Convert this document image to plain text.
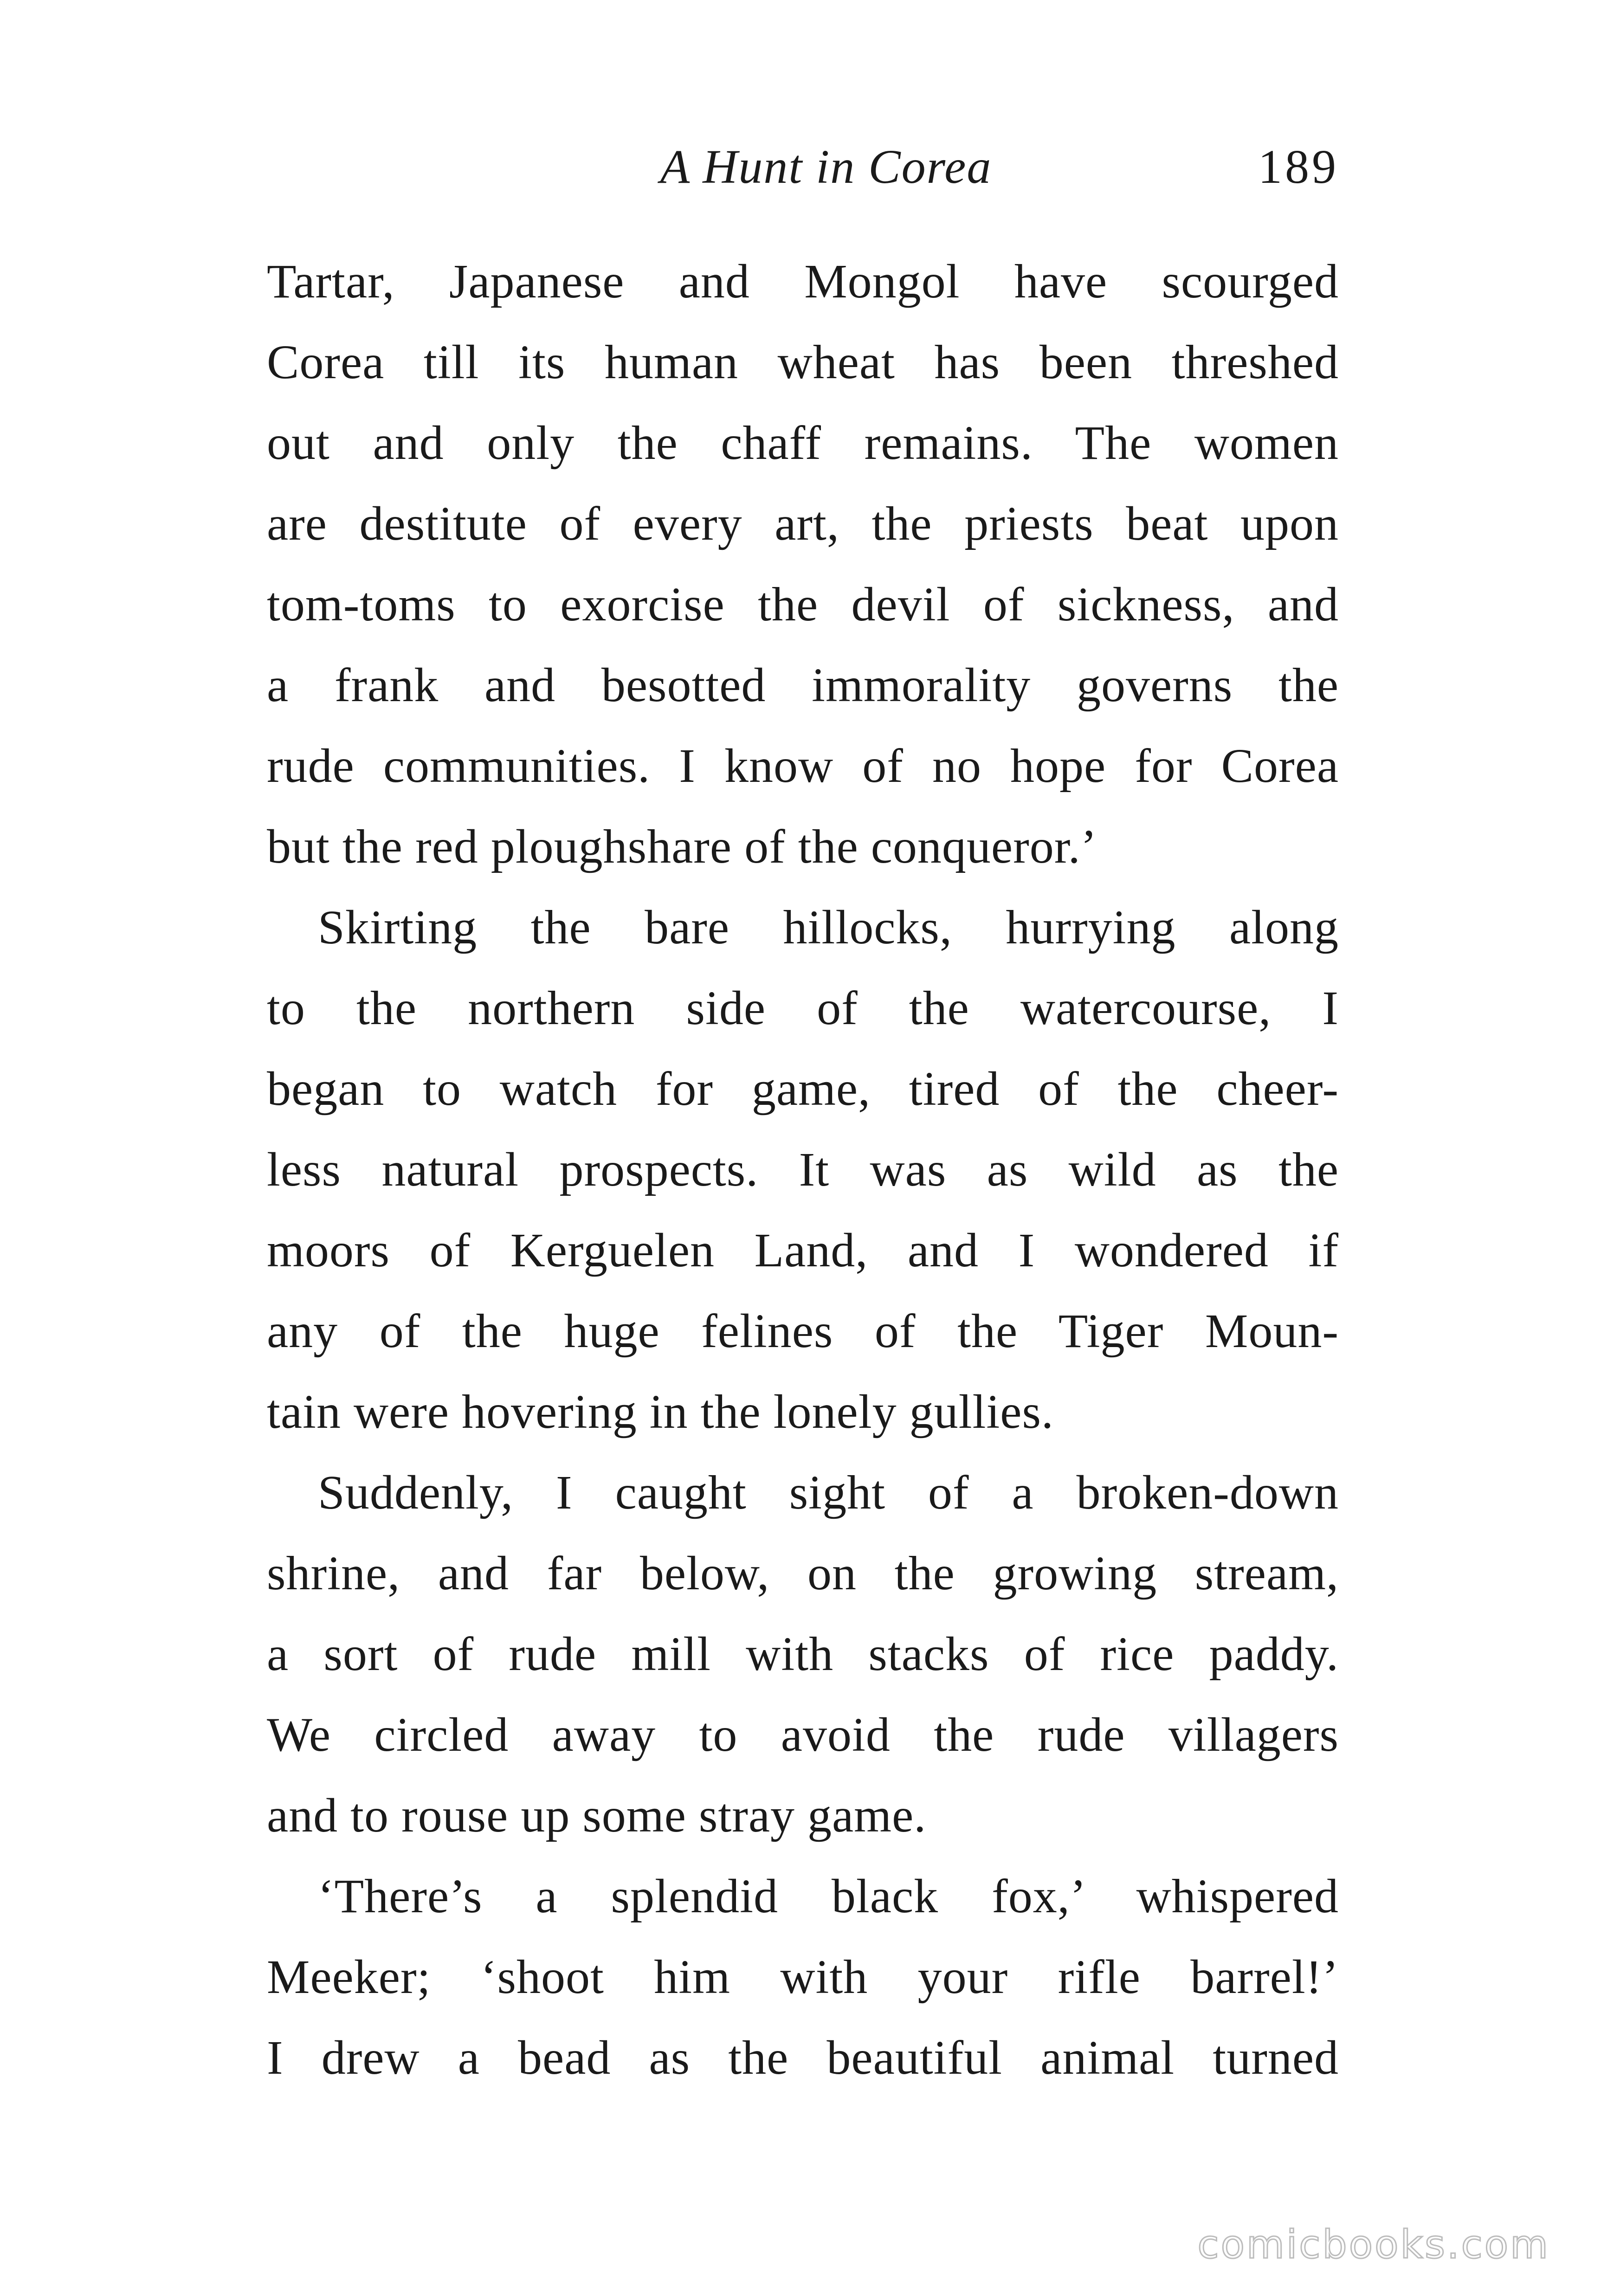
A Hunt in Corea	189
Tartar, Japanese and Mongol have scourged
Corea till its human wheat has been threshed
out and only the chaff remains. The women
are destitute of every art, the priests beat upon
tom-toms to exorcise the devil of sickness, and
a frank and besotted immorality governs the
rude communities. I know of no hope for Corea
but the red ploughshare of the conqueror.’
Skirting the bare hillocks, hurrying along
to the northern side of the watercourse, I
began to watch for game, tired of the cheer-
less natural prospects. It was as wild as the
moors of Kerguelen Land, and I wondered if
any of the huge felines of the Tiger Moun-
tain were hovering in the lonely gullies.
Suddenly, I caught sight of a broken-down
shrine, and far below, on the growing stream,
a sort of rude mill with stacks of rice paddy.
We circled away to avoid the rude villagers
and to rouse up some stray game.
‘There’s a splendid black fox,’ whispered
Meeker; ‘shoot him with your rifle barrel!’
I drew a bead as the beautiful animal turned
comicbooks.com
